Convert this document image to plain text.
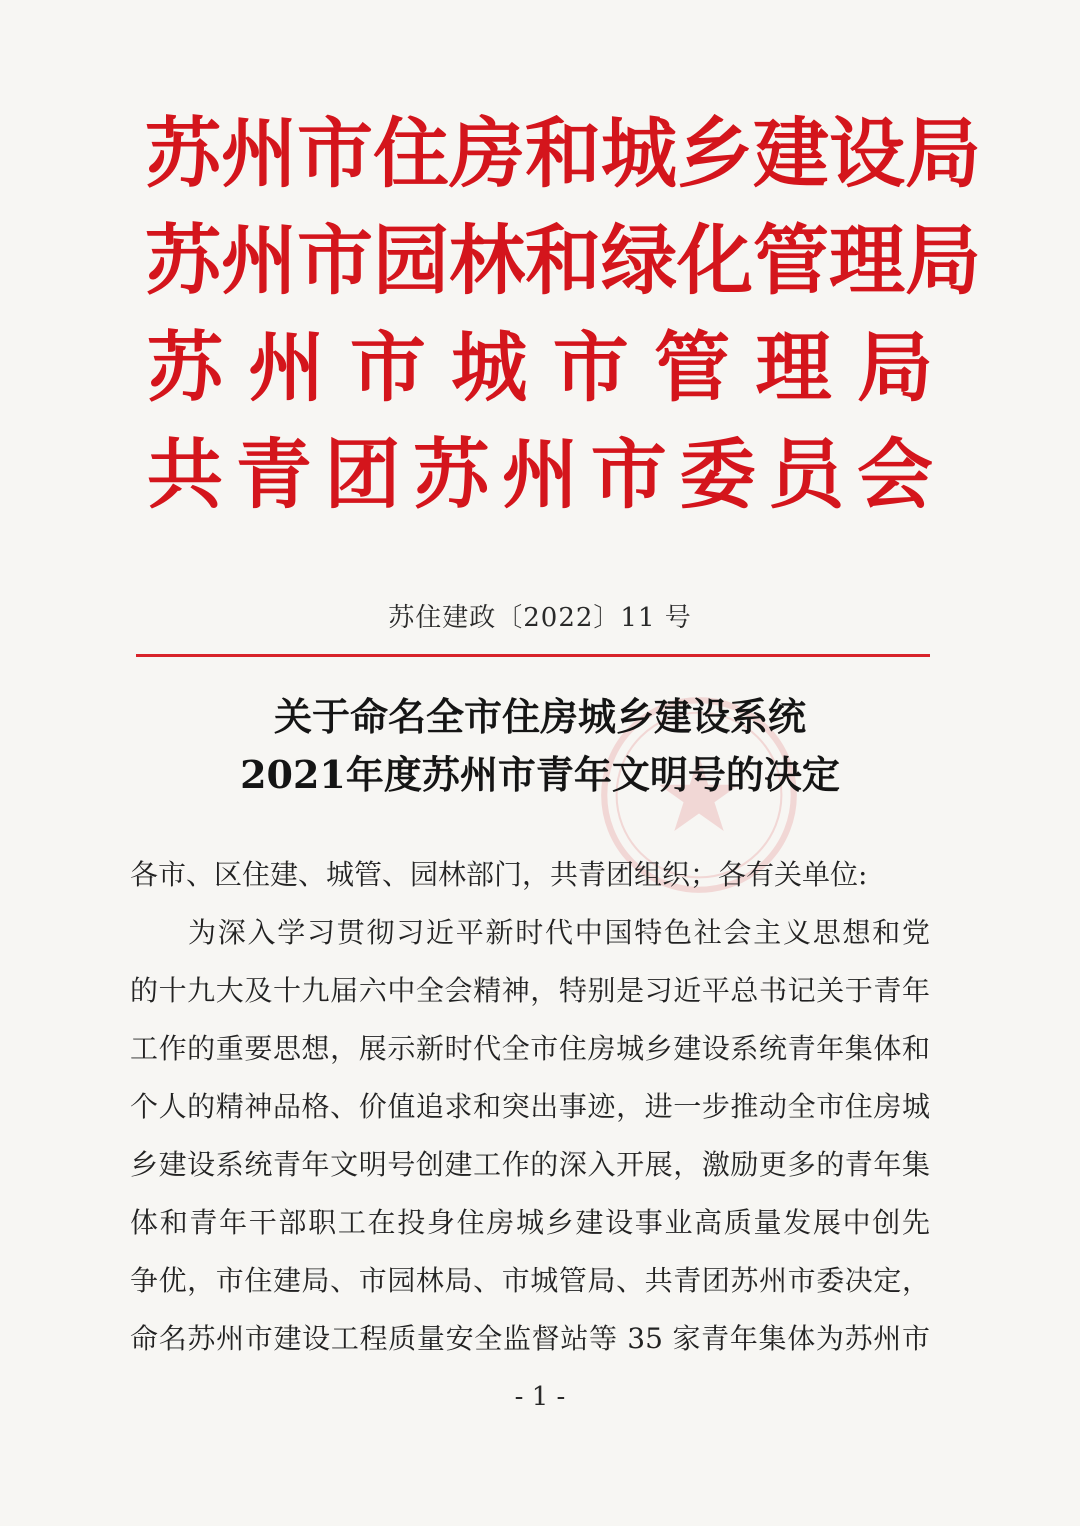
苏 州 市 住 房 和 城 乡 建 设 局
苏 州 市 园 林 和 绿 化 管 理 局
苏 州 市 城 市 管 理 局
共 青 团 苏 州 市 委 员 会
苏住建政〔2022〕11 号
关于命名全市住房城乡建设系统
2021年度苏州市青年文明号的决定
各市、区住建、城管、园林部门，共青团组织；各有关单位:
为深入学习贯彻习近平新时代中国特色社会主义思想和党
的十九大及十九届六中全会精神，特别是习近平总书记关于青年
工作的重要思想，展示新时代全市住房城乡建设系统青年集体和
个人的精神品格、价值追求和突出事迹，进一步推动全市住房城
乡建设系统青年文明号创建工作的深入开展，激励更多的青年集
体和青年干部职工在投身住房城乡建设事业高质量发展中创先
争优，市住建局、市园林局、市城管局、共青团苏州市委决定，
命名苏州市建设工程质量安全监督站等 35 家青年集体为苏州市
- 1 -
